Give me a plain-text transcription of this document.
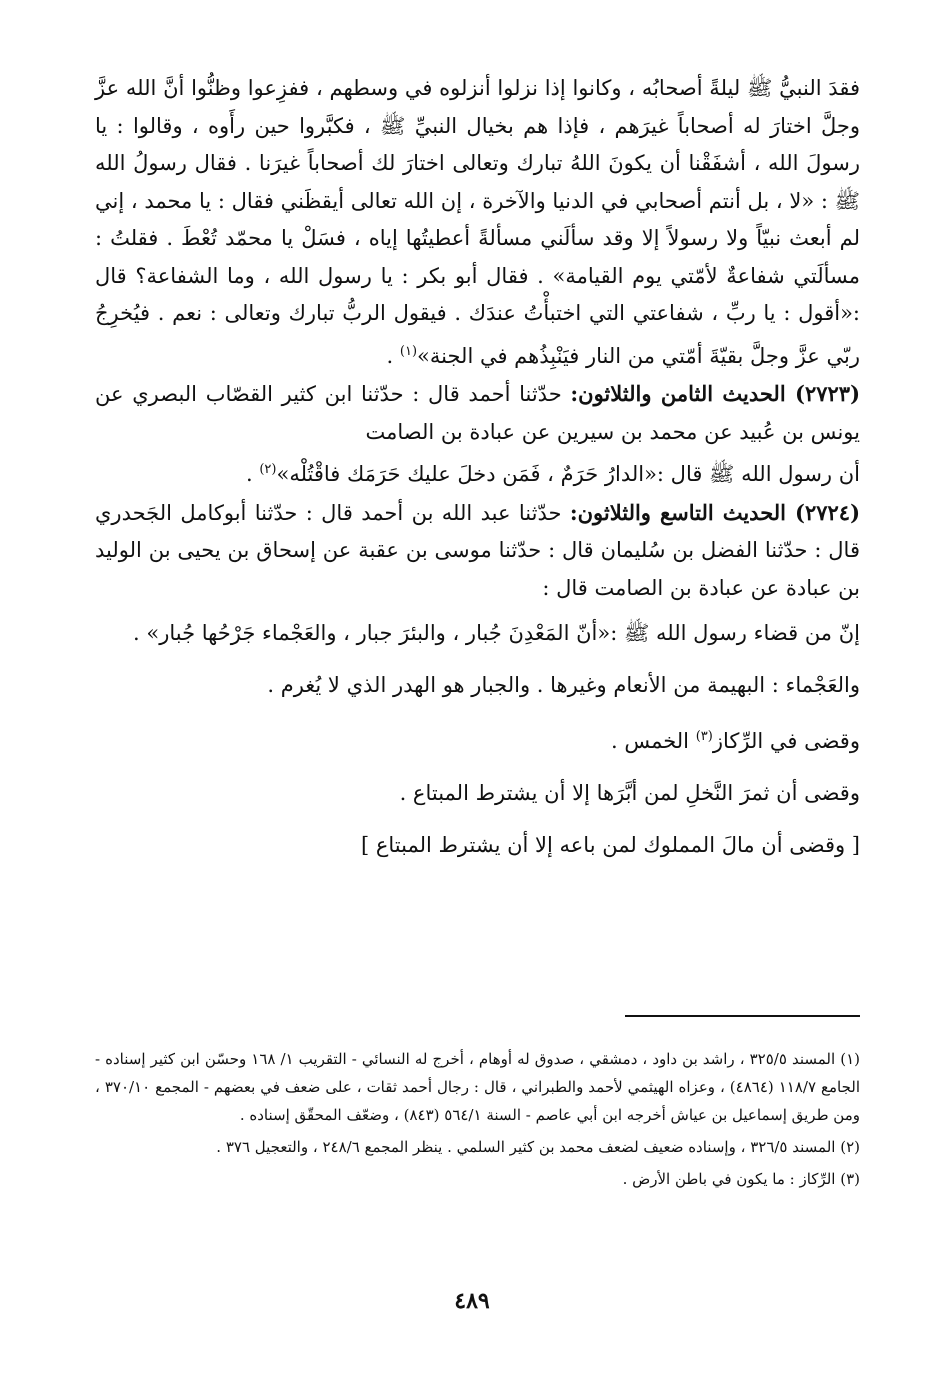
فقدَ النبيُّ ﷺ ليلةً أصحابُه ، وكانوا إذا نزلوا أنزلوه في وسطهم ، ففزِعوا وظنُّوا أنَّ الله عزَّ وجلَّ اختارَ له أصحاباً غيرَهم ، فإذا هم بخيال النبيِّ ﷺ ، فكبَّروا حين رأَوه ، وقالوا : يا رسولَ الله ، أشفَقْنا أن يكونَ اللهُ تبارك وتعالى اختارَ لك أصحاباً غيرَنا . فقال رسولُ الله ﷺ : «لا ، بل أنتم أصحابي في الدنيا والآخرة ، إن الله تعالى أيقظَني فقال : يا محمد ، إني لم أبعث نبيّاً ولا رسولاً إلا وقد سألَني مسألةً أعطيتُها إياه ، فسَلْ يا محمّد تُعْطَ . فقلتُ : مسألَتي شفاعةٌ لأمّتي يوم القيامة» . فقال أبو بكر : يا رسول الله ، وما الشفاعة؟ قال :«أقول : يا ربِّ ، شفاعتي التي اختبأْتُ عندَك . فيقول الربُّ تبارك وتعالى : نعم . فيُخرِجُ ربّي عزَّ وجلَّ بقيّةَ أمّتي من النار فيَنْبِذُهم في الجنة»$^{(١)}$ .

(٢٧٢٣) الحديث الثامن والثلاثون: حدّثنا أحمد قال : حدّثنا ابن كثير القصّاب البصري عن يونس بن عُبيد عن محمد بن سيرين عن عبادة بن الصامت

أن رسول الله ﷺ قال :«الدارُ حَرَمٌ ، فَمَن دخلَ عليك حَرَمَك فاقْتُلْه»$^{(٢)}$ .

(٢٧٢٤) الحديث التاسع والثلاثون: حدّثنا عبد الله بن أحمد قال : حدّثنا أبوكامل الجَحدري قال : حدّثنا الفضل بن سُليمان قال : حدّثنا موسى بن عقبة عن إسحاق بن يحيى بن الوليد بن عبادة عن عبادة بن الصامت قال :

إنّ من قضاء رسول الله ﷺ :«أنّ المَعْدِنَ جُبار ، والبئرَ جبار ، والعَجْماء جَرْحُها جُبار» .

والعَجْماء : البهيمة من الأنعام وغيرها . والجبار هو الهدر الذي لا يُغرم .

وقضى في الرِّكاز$^{(٣)}$ الخمس .

وقضى أن ثمرَ النَّخلِ لمن أبَّرَها إلا أن يشترط المبتاع .

[ وقضى أن مالَ المملوك لمن باعه إلا أن يشترط المبتاع ]

(١) المسند ٣٢٥/٥ ، راشد بن داود ، دمشقي ، صدوق له أوهام ، أخرج له النسائي - التقريب ١/ ١٦٨ وحسّن ابن كثير إسناده - الجامع ١١٨/٧ (٤٨٦٤) ، وعزاه الهيثمي لأحمد والطبراني ، قال : رجال أحمد ثقات ، على ضعف في بعضهم - المجمع ٣٧٠/١٠ ، ومن طريق إسماعيل بن عياش أخرجه ابن أبي عاصم - السنة ٥٦٤/١ (٨٤٣) ، وضعّف المحقّق إسناده .

(٢) المسند ٣٢٦/٥ ، وإسناده ضعيف لضعف محمد بن كثير السلمي . ينظر المجمع ٢٤٨/٦ ، والتعجيل ٣٧٦ .

(٣) الرِّكاز : ما يكون في باطن الأرض .

٤٨٩
